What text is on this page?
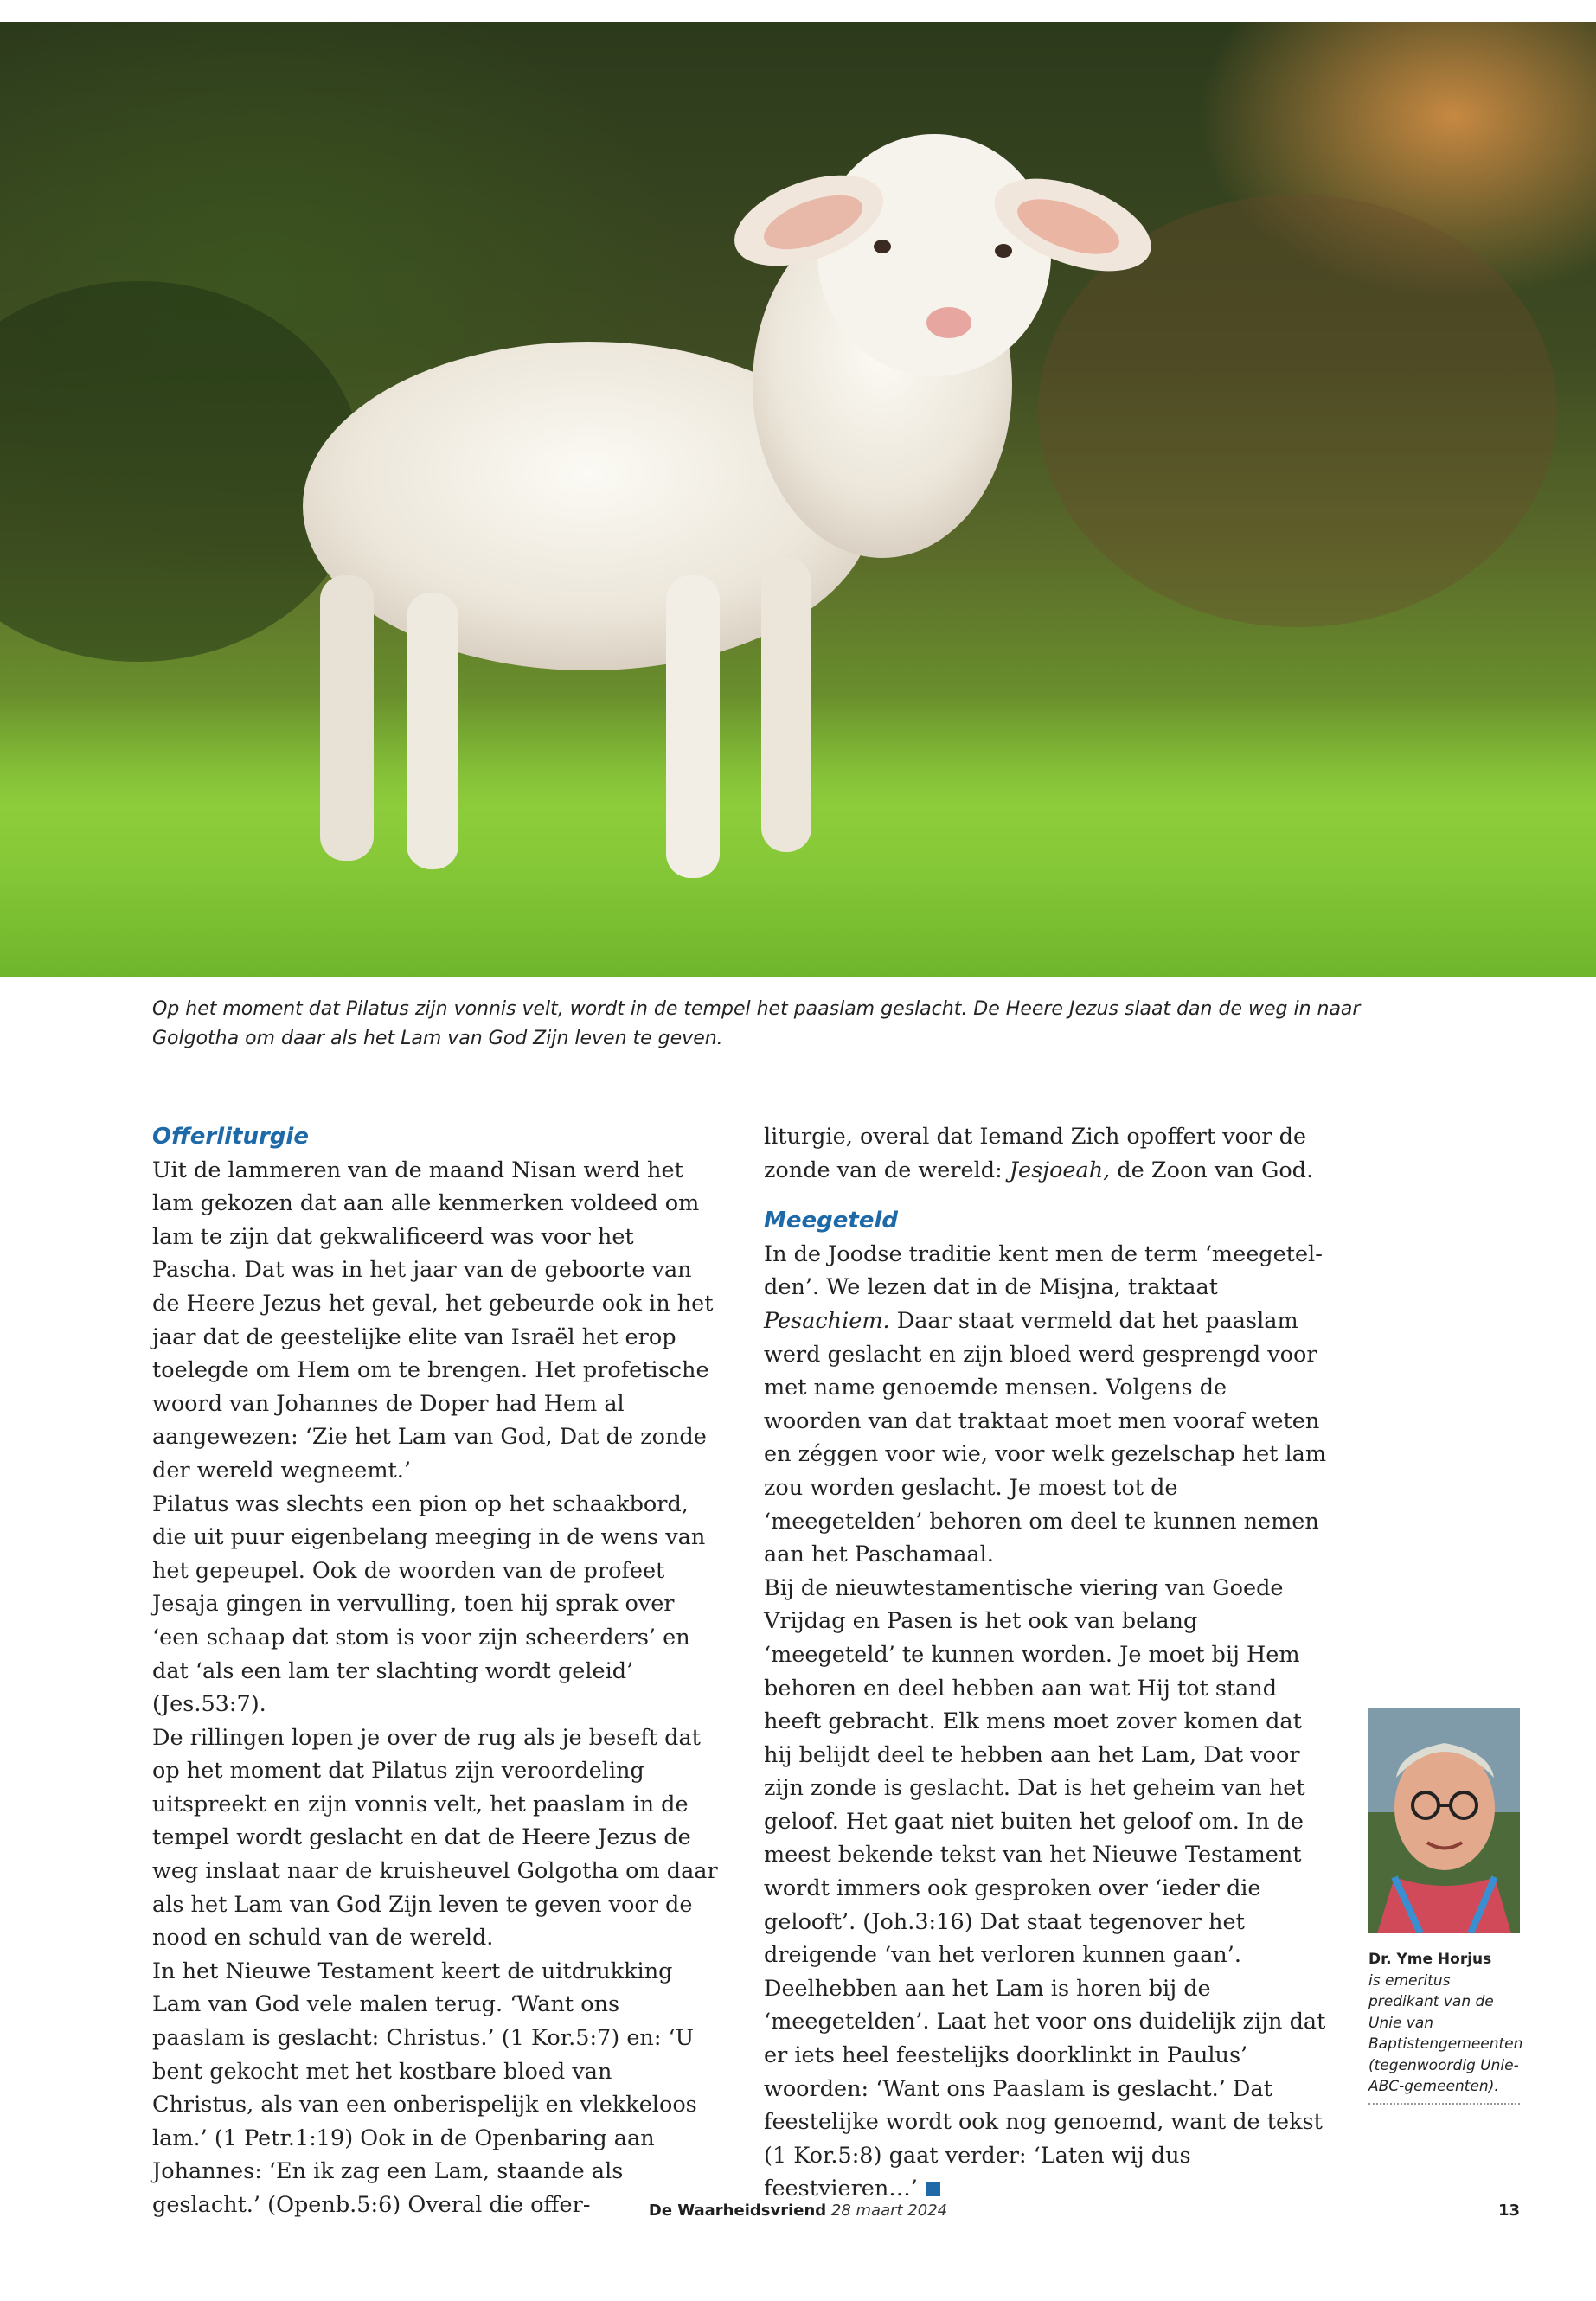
Op het moment dat Pilatus zijn vonnis velt, wordt in de tempel het paaslam geslacht. De Heere Jezus slaat dan de weg in naar Golgotha om daar als het Lam van God Zijn leven te geven.

Offerliturgie

Uit de lammeren van de maand Nisan werd het lam gekozen dat aan alle kenmerken voldeed om lam te zijn dat gekwalificeerd was voor het Pascha. Dat was in het jaar van de geboorte van de Heere Jezus het geval, het gebeurde ook in het jaar dat de geestelijke elite van Israël het erop toelegde om Hem om te brengen. Het profetische woord van Johannes de Doper had Hem al aangewezen: ‘Zie het Lam van God, Dat de zonde der wereld wegneemt.’

Pilatus was slechts een pion op het schaakbord, die uit puur eigenbelang meeging in de wens van het gepeupel. Ook de woorden van de profeet Jesaja gingen in vervulling, toen hij sprak over ‘een schaap dat stom is voor zijn scheerders’ en dat ‘als een lam ter slachting wordt geleid’ (Jes.53:7).

De rillingen lopen je over de rug als je beseft dat op het moment dat Pilatus zijn veroordeling uitspreekt en zijn vonnis velt, het paaslam in de tempel wordt geslacht en dat de Heere Jezus de weg inslaat naar de kruisheuvel Golgotha om daar als het Lam van God Zijn leven te geven voor de nood en schuld van de wereld.

In het Nieuwe Testament keert de uitdrukking Lam van God vele malen terug. ‘Want ons paaslam is geslacht: Christus.’ (1 Kor.5:7) en: ‘U bent gekocht met het kostbare bloed van Christus, als van een onberispelijk en vlekkeloos lam.’ (1 Petr.1:19) Ook in de Openbaring aan Johannes: ‘En ik zag een Lam, staande als geslacht.’ (Openb.5:6) Overal die offer-

liturgie, overal dat Iemand Zich opoffert voor de zonde van de wereld: Jesjoeah, de Zoon van God.

Meegeteld

In de Joodse traditie kent men de term ‘meegetelden’. We lezen dat in de Misjna, traktaat Pesachiem. Daar staat vermeld dat het paaslam werd geslacht en zijn bloed werd gesprengd voor met name genoemde mensen. Volgens de woorden van dat traktaat moet men vooraf weten en zéggen voor wie, voor welk gezelschap het lam zou worden geslacht. Je moest tot de ‘meegetelden’ behoren om deel te kunnen nemen aan het Paschamaal.

Bij de nieuwtestamentische viering van Goede Vrijdag en Pasen is het ook van belang ‘meegeteld’ te kunnen worden. Je moet bij Hem behoren en deel hebben aan wat Hij tot stand heeft gebracht. Elk mens moet zover komen dat hij belijdt deel te hebben aan het Lam, Dat voor zijn zonde is geslacht. Dat is het geheim van het geloof. Het gaat niet buiten het geloof om. In de meest bekende tekst van het Nieuwe Testament wordt immers ook gesproken over ‘ieder die gelooft’. (Joh.3:16) Dat staat tegenover het dreigende ‘van het verloren kunnen gaan’. Deelhebben aan het Lam is horen bij de ‘meegetelden’. Laat het voor ons duidelijk zijn dat er iets heel feestelijks doorklinkt in Paulus’ woorden: ‘Want ons Paaslam is geslacht.’ Dat feestelijke wordt ook nog genoemd, want de tekst (1 Kor.5:8) gaat verder: ‘Laten wij dus feestvieren…’

Dr. Yme Horjus
is emeritus predikant van de Unie van Baptistengemeenten (tegenwoordig Unie-ABC-gemeenten).
De Waarheidsvriend 28 maart 2024	13
